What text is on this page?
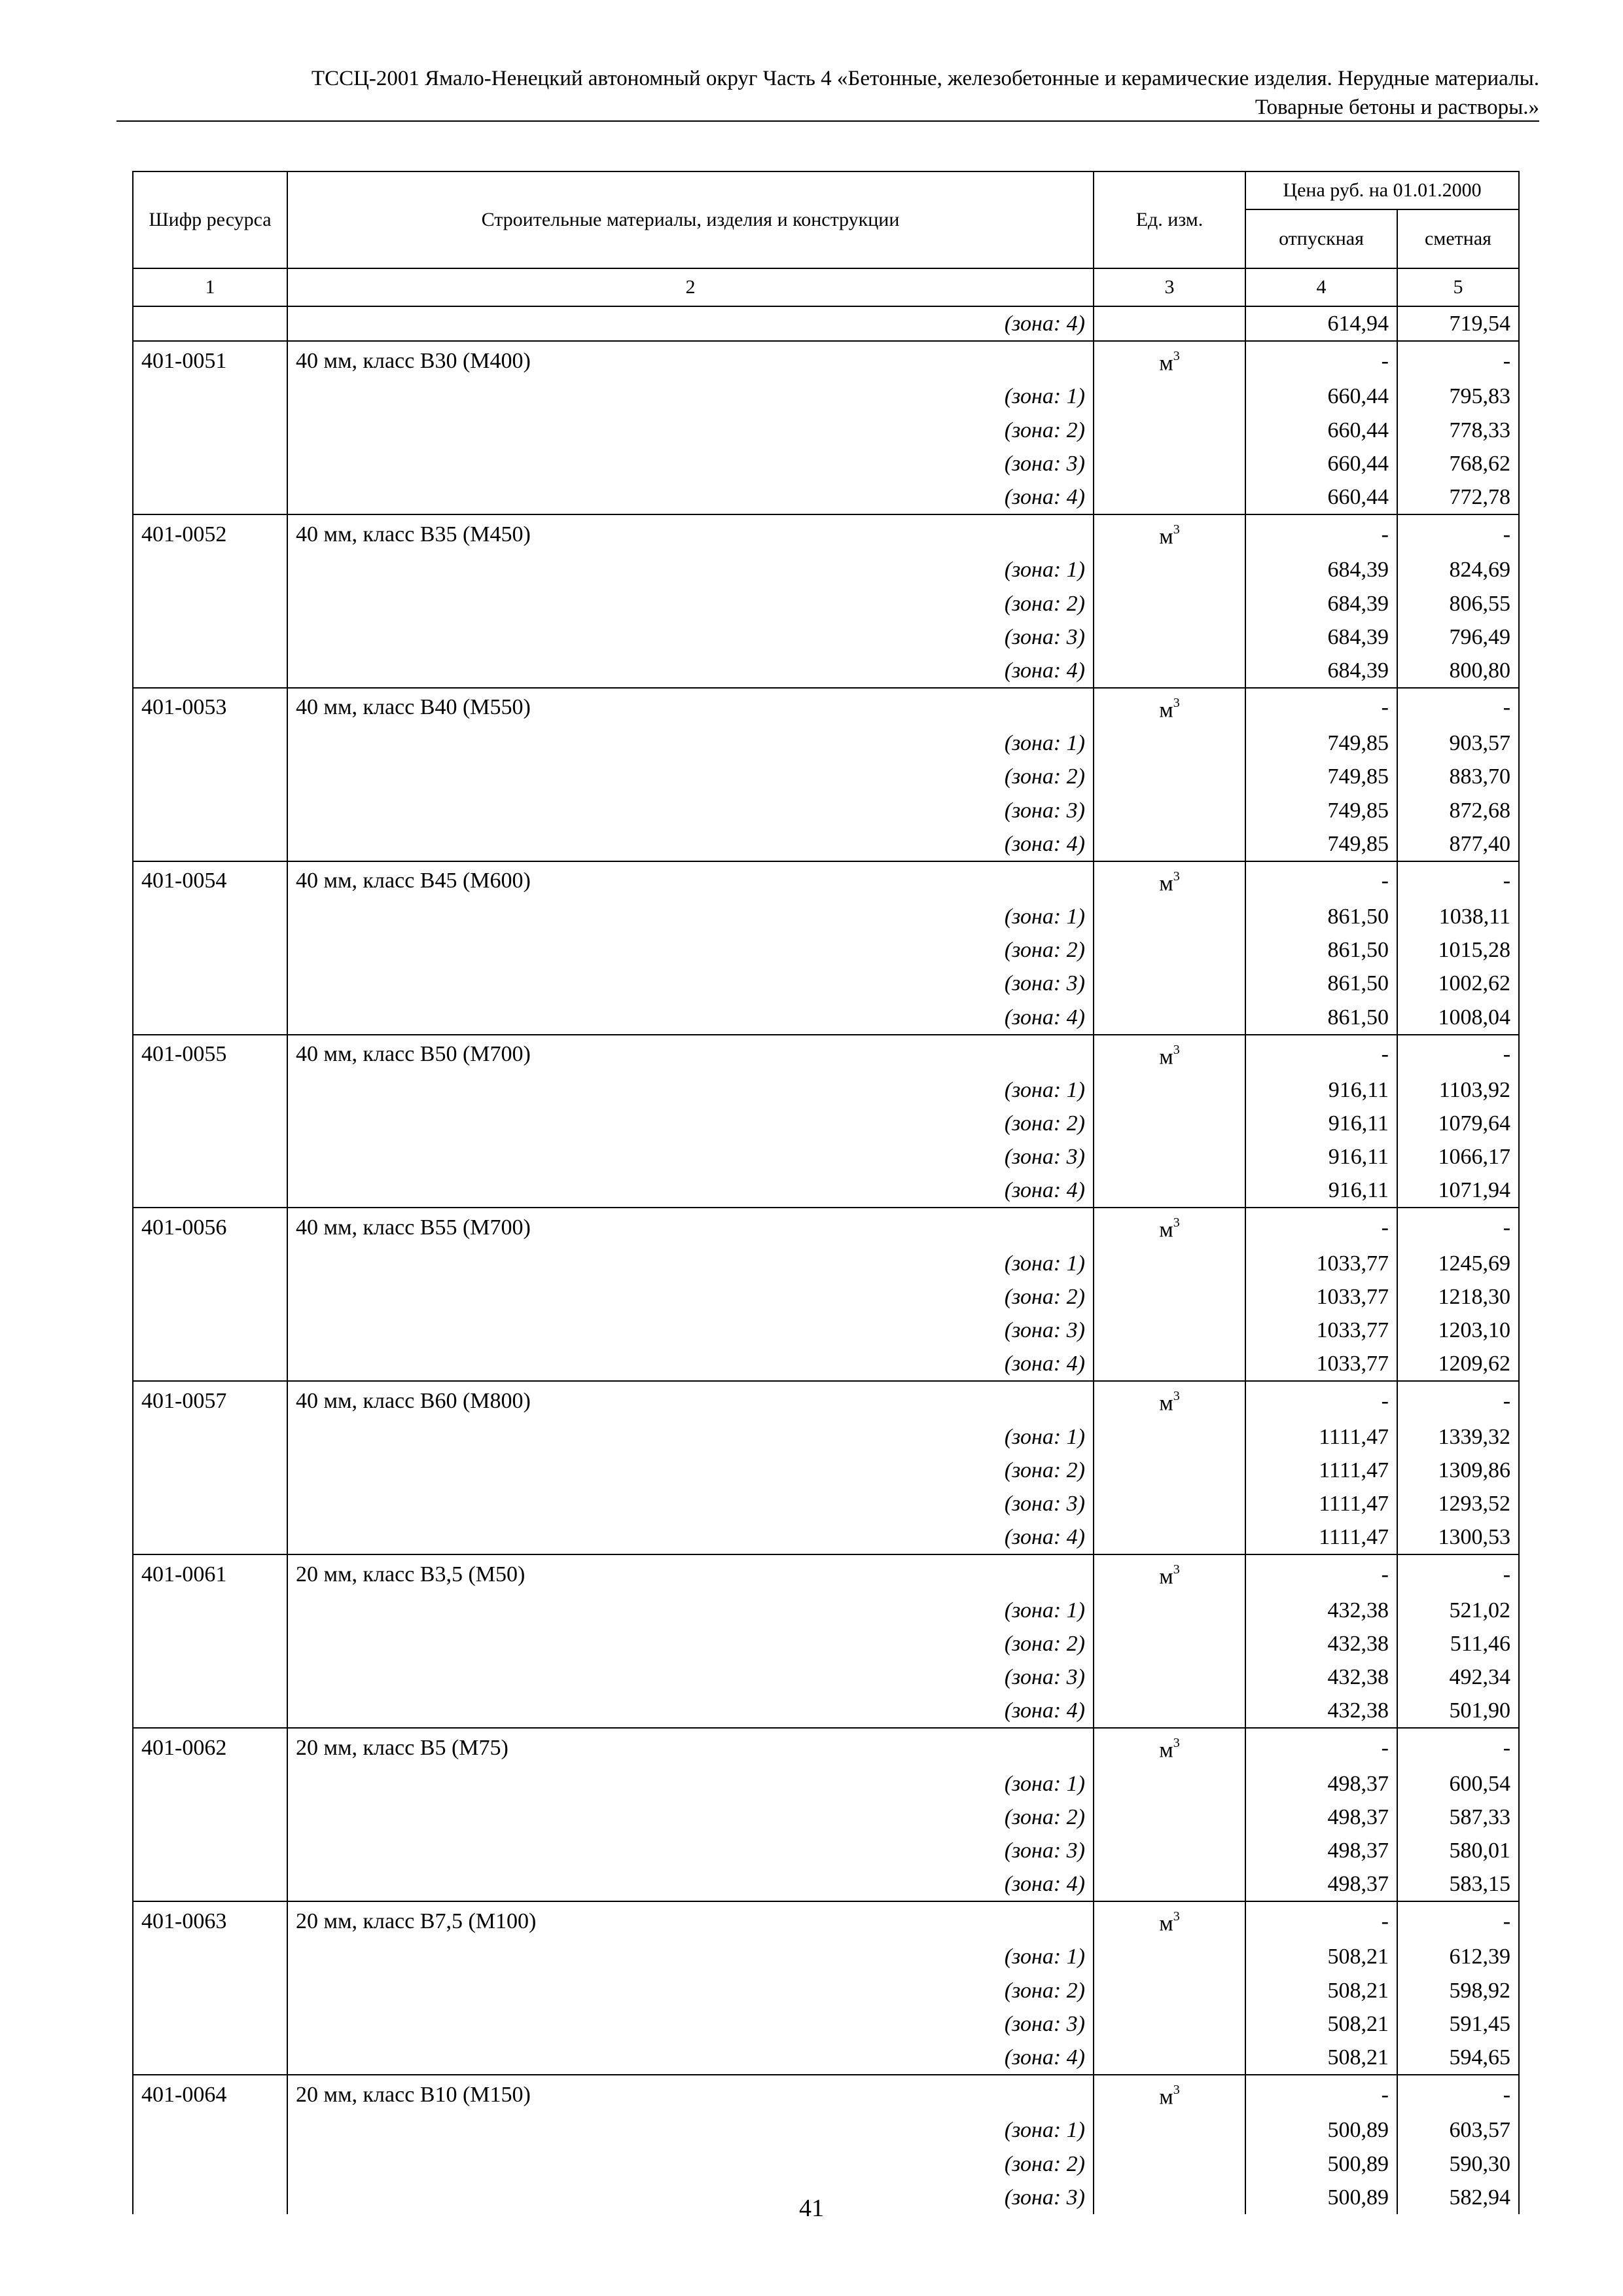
ТССЦ-2001 Ямало-Ненецкий автономный округ Часть 4 «Бетонные, железобетонные и керамические изделия. Нерудные материалы.
Товарные бетоны и растворы.»
Шифр ресурса	Строительные материалы, изделия и конструкции	Ед. изм.	Цена руб. на 01.01.2000	
			отпускная	сметная
1	2	3	4	5
	(зона: 4)		614,94	719,54
401-0051	40 мм, класс В30 (М400)	$м^3$	-	-
	(зона: 1)		660,44	795,83
	(зона: 2)		660,44	778,33
	(зона: 3)		660,44	768,62
	(зона: 4)		660,44	772,78
401-0052	40 мм, класс В35 (М450)	$м^3$	-	-
	(зона: 1)		684,39	824,69
	(зона: 2)		684,39	806,55
	(зона: 3)		684,39	796,49
	(зона: 4)		684,39	800,80
401-0053	40 мм, класс В40 (М550)	$м^3$	-	-
	(зона: 1)		749,85	903,57
	(зона: 2)		749,85	883,70
	(зона: 3)		749,85	872,68
	(зона: 4)		749,85	877,40
401-0054	40 мм, класс В45 (М600)	$м^3$	-	-
	(зона: 1)		861,50	1038,11
	(зона: 2)		861,50	1015,28
	(зона: 3)		861,50	1002,62
	(зона: 4)		861,50	1008,04
401-0055	40 мм, класс В50 (М700)	$м^3$	-	-
	(зона: 1)		916,11	1103,92
	(зона: 2)		916,11	1079,64
	(зона: 3)		916,11	1066,17
	(зона: 4)		916,11	1071,94
401-0056	40 мм, класс В55 (М700)	$м^3$	-	-
	(зона: 1)		1033,77	1245,69
	(зона: 2)		1033,77	1218,30
	(зона: 3)		1033,77	1203,10
	(зона: 4)		1033,77	1209,62
401-0057	40 мм, класс В60 (М800)	$м^3$	-	-
	(зона: 1)		1111,47	1339,32
	(зона: 2)		1111,47	1309,86
	(зона: 3)		1111,47	1293,52
	(зона: 4)		1111,47	1300,53
401-0061	20 мм, класс В3,5 (М50)	$м^3$	-	-
	(зона: 1)		432,38	521,02
	(зона: 2)		432,38	511,46
	(зона: 3)		432,38	492,34
	(зона: 4)		432,38	501,90
401-0062	20 мм, класс В5 (М75)	$м^3$	-	-
	(зона: 1)		498,37	600,54
	(зона: 2)		498,37	587,33
	(зона: 3)		498,37	580,01
	(зона: 4)		498,37	583,15
401-0063	20 мм, класс В7,5 (М100)	$м^3$	-	-
	(зона: 1)		508,21	612,39
	(зона: 2)		508,21	598,92
	(зона: 3)		508,21	591,45
	(зона: 4)		508,21	594,65
401-0064	20 мм, класс В10 (М150)	$м^3$	-	-
	(зона: 1)		500,89	603,57
	(зона: 2)		500,89	590,30
	(зона: 3)		500,89	582,94
41
